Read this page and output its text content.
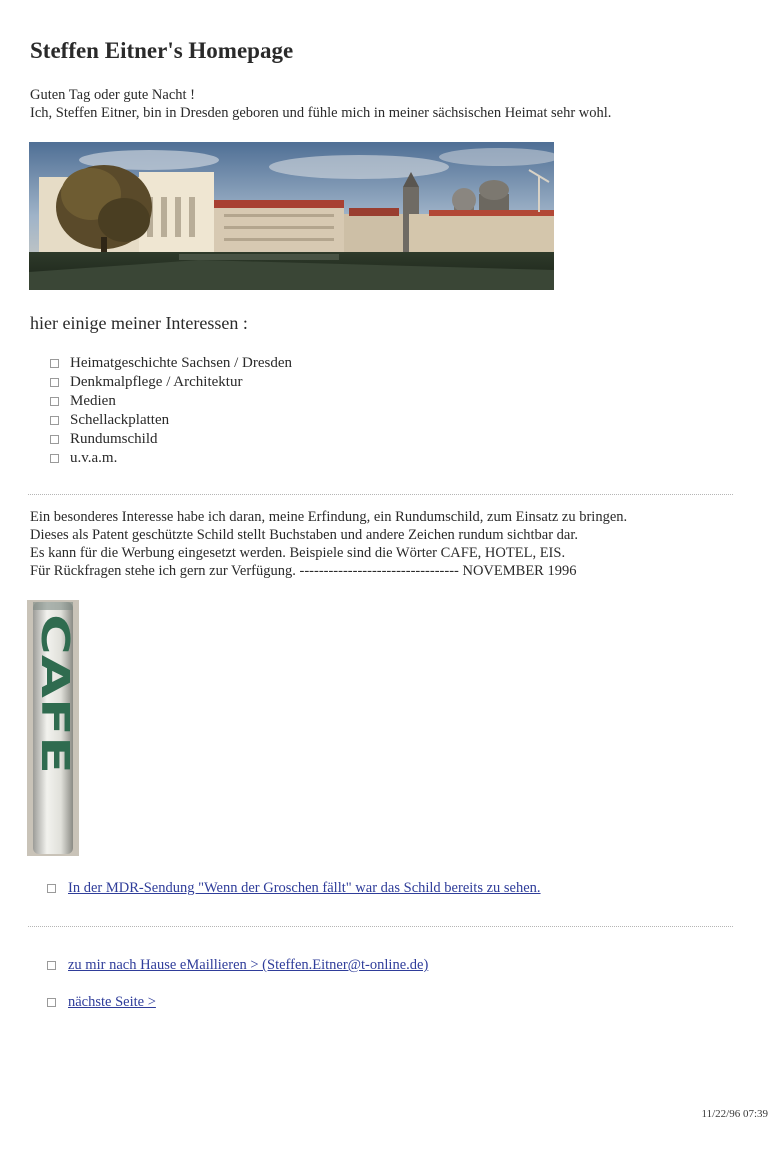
Steffen Eitner's Homepage
Guten Tag oder gute Nacht !
Ich, Steffen Eitner, bin in Dresden geboren und fühle mich in meiner sächsischen Heimat sehr wohl.
hier einige meiner Interessen :
Heimatgeschichte Sachsen / Dresden
Denkmalpflege / Architektur
Medien
Schellackplatten
Rundumschild
u.v.a.m.
Ein besonderes Interesse habe ich daran, meine Erfindung, ein Rundumschild, zum Einsatz zu bringen.
Dieses als Patent geschützte Schild stellt Buchstaben und andere Zeichen rundum sichtbar dar.
Es kann für die Werbung eingesetzt werden. Beispiele sind die Wörter CAFE, HOTEL, EIS.
Für Rückfragen stehe ich gern zur Verfügung. --------------------------------- NOVEMBER 1996
CAFE
In der MDR-Sendung "Wenn der Groschen fällt" war das Schild bereits zu sehen.
zu mir nach Hause eMaillieren > (Steffen.Eitner@t-online.de)
nächste Seite >
11/22/96 07:39
